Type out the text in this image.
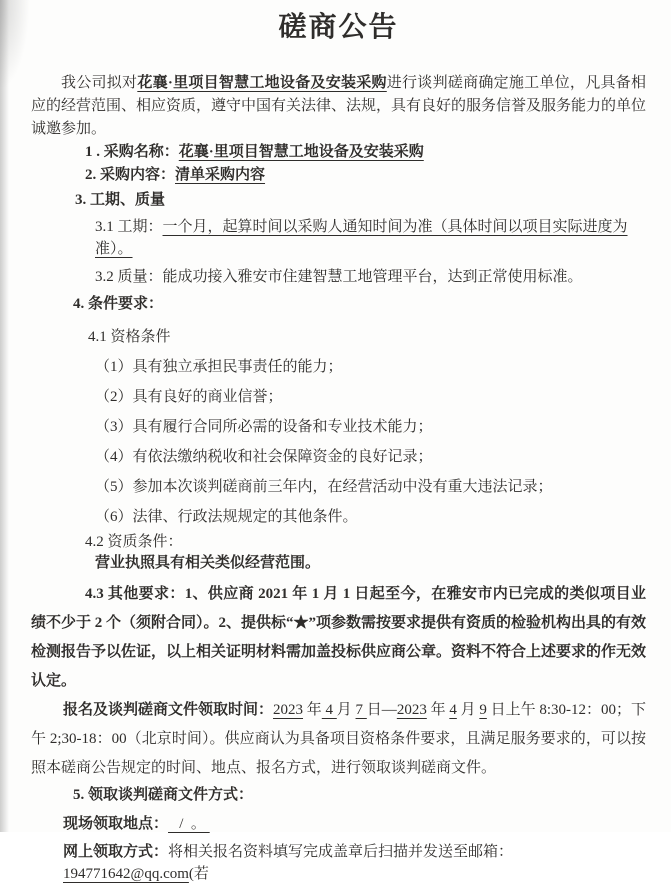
磋商公告

我公司拟对花襄·里项目智慧工地设备及安装采购进行谈判磋商确定施工单位，凡具备相应的经营范围、相应资质，遵守中国有关法律、法规，具有良好的服务信誉及服务能力的单位诚邀参加。

1 . 采购名称：花襄·里项目智慧工地设备及安装采购
2. 采购内容：清单采购内容
3. 工期、质量
3.1 工期：一个月，起算时间以采购人通知时间为准（具体时间以项目实际进度为准）。
3.2 质量：能成功接入雅安市住建智慧工地管理平台，达到正常使用标准。
4. 条件要求：
4.1 资格条件
（1）具有独立承担民事责任的能力；
（2）具有良好的商业信誉；
（3）具有履行合同所必需的设备和专业技术能力；
（4）有依法缴纳税收和社会保障资金的良好记录；
（5）参加本次谈判磋商前三年内，在经营活动中没有重大违法记录；
（6）法律、行政法规规定的其他条件。
4.2 资质条件：
营业执照具有相关类似经营范围。

4.3 其他要求：1、供应商 2021 年 1 月 1 日起至今，在雅安市内已完成的类似项目业绩不少于 2 个（须附合同）。2、提供标“★”项参数需按要求提供有资质的检验机构出具的有效检测报告予以佐证，以上相关证明材料需加盖投标供应商公章。资料不符合上述要求的作无效认定。

报名及谈判磋商文件领取时间：2023 年 4 月 7 日—2023 年 4 月 9 日上午 8:30-12：00；下午 2;30-18：00（北京时间）。供应商认为具备项目资格条件要求，且满足服务要求的，可以按照本磋商公告规定的时间、地点、报名方式，进行领取谈判磋商文件。

5. 领取谈判磋商文件方式：
现场领取地点：   /  。
网上领取方式：将相关报名资料填写完成盖章后扫描并发送至邮箱：194771642@qq.com(若
